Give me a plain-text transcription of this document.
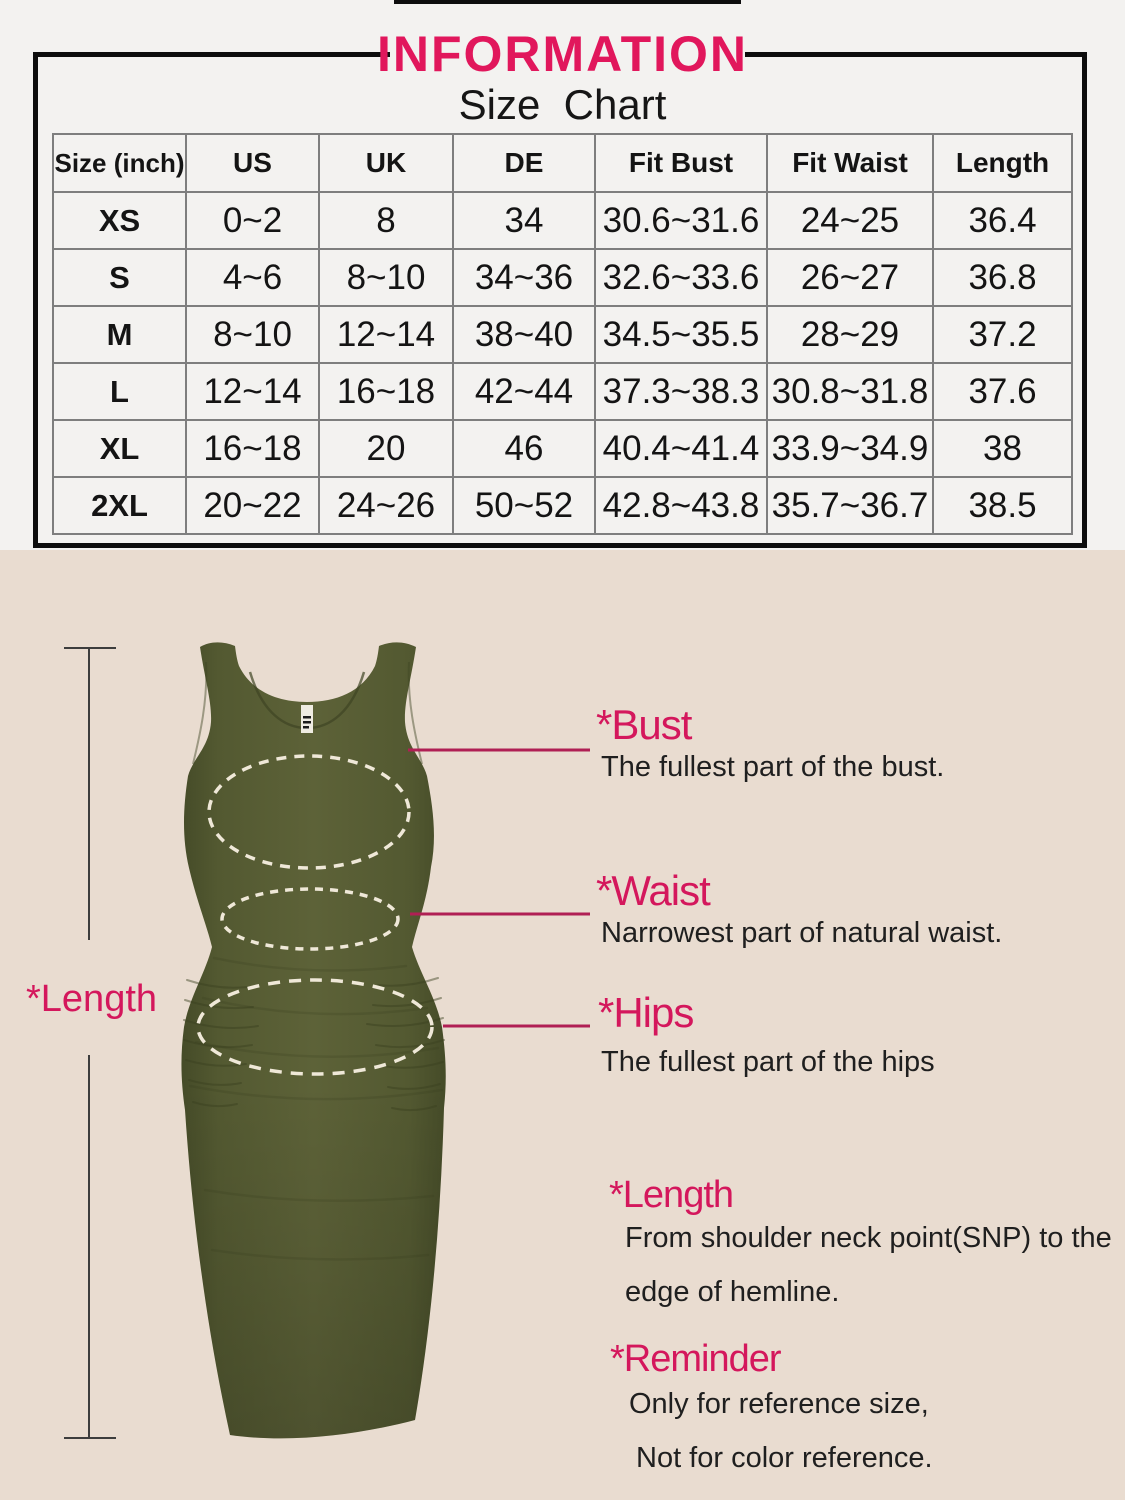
INFORMATION
Size  Chart
Size (inch)	US	UK	DE	Fit Bust	Fit Waist	Length
XS	0~2	8	34	30.6~31.6	24~25	36.4
S	4~6	8~10	34~36	32.6~33.6	26~27	36.8
M	8~10	12~14	38~40	34.5~35.5	28~29	37.2
L	12~14	16~18	42~44	37.3~38.3	30.8~31.8	37.6
XL	16~18	20	46	40.4~41.4	33.9~34.9	38
2XL	20~22	24~26	50~52	42.8~43.8	35.7~36.7	38.5
*Length
*Bust
The fullest part of the bust.
*Waist
Narrowest part of natural waist.
*Hips
The fullest part of the hips
*Length
From shoulder neck point(SNP) to the
edge of hemline.
*Reminder
Only for reference size,
Not for color reference.
